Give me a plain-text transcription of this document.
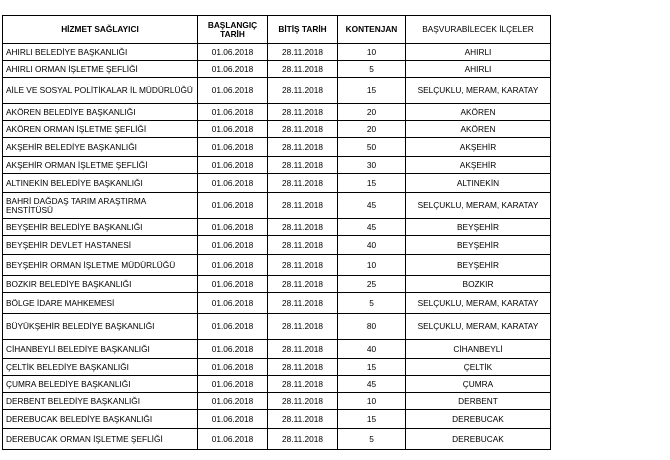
HİZMET SAĞLAYICI	BAŞLANGIÇ TARİH	BİTİŞ TARİH	KONTENJAN	BAŞVURABİLECEK İLÇELER
AHIRLI BELEDİYE BAŞKANLIĞI	01.06.2018	28.11.2018	10	AHIRLI
AHIRLI ORMAN İŞLETME ŞEFLİĞİ	01.06.2018	28.11.2018	5	AHIRLI
AİLE VE SOSYAL POLİTİKALAR İL MÜDÜRLÜĞÜ	01.06.2018	28.11.2018	15	SELÇUKLU, MERAM, KARATAY
AKÖREN BELEDİYE BAŞKANLIĞI	01.06.2018	28.11.2018	20	AKÖREN
AKÖREN ORMAN İŞLETME ŞEFLİĞİ	01.06.2018	28.11.2018	20	AKÖREN
AKŞEHİR BELEDİYE BAŞKANLIĞI	01.06.2018	28.11.2018	50	AKŞEHİR
AKŞEHİR ORMAN İŞLETME ŞEFLİĞİ	01.06.2018	28.11.2018	30	AKŞEHİR
ALTINEKİN BELEDİYE BAŞKANLIĞI	01.06.2018	28.11.2018	15	ALTINEKİN
BAHRİ DAĞDAŞ TARIM ARAŞTIRMA ENSTİTÜSÜ	01.06.2018	28.11.2018	45	SELÇUKLU, MERAM, KARATAY
BEYŞEHİR BELEDİYE BAŞKANLIĞI	01.06.2018	28.11.2018	45	BEYŞEHİR
BEYŞEHİR DEVLET HASTANESİ	01.06.2018	28.11.2018	40	BEYŞEHİR
BEYŞEHİR ORMAN İŞLETME MÜDÜRLÜĞÜ	01.06.2018	28.11.2018	10	BEYŞEHİR
BOZKIR BELEDİYE BAŞKANLIĞI	01.06.2018	28.11.2018	25	BOZKIR
BÖLGE İDARE MAHKEMESİ	01.06.2018	28.11.2018	5	SELÇUKLU, MERAM, KARATAY
BÜYÜKŞEHİR BELEDİYE BAŞKANLIĞI	01.06.2018	28.11.2018	80	SELÇUKLU, MERAM, KARATAY
CİHANBEYLİ BELEDİYE BAŞKANLIĞI	01.06.2018	28.11.2018	40	CİHANBEYLİ
ÇELTİK BELEDİYE BAŞKANLIĞI	01.06.2018	28.11.2018	15	ÇELTİK
ÇUMRA BELEDİYE BAŞKANLIĞI	01.06.2018	28.11.2018	45	ÇUMRA
DERBENT BELEDİYE BAŞKANLIĞI	01.06.2018	28.11.2018	10	DERBENT
DEREBUCAK BELEDİYE BAŞKANLIĞI	01.06.2018	28.11.2018	15	DEREBUCAK
DEREBUCAK ORMAN İŞLETME ŞEFLİĞİ	01.06.2018	28.11.2018	5	DEREBUCAK
